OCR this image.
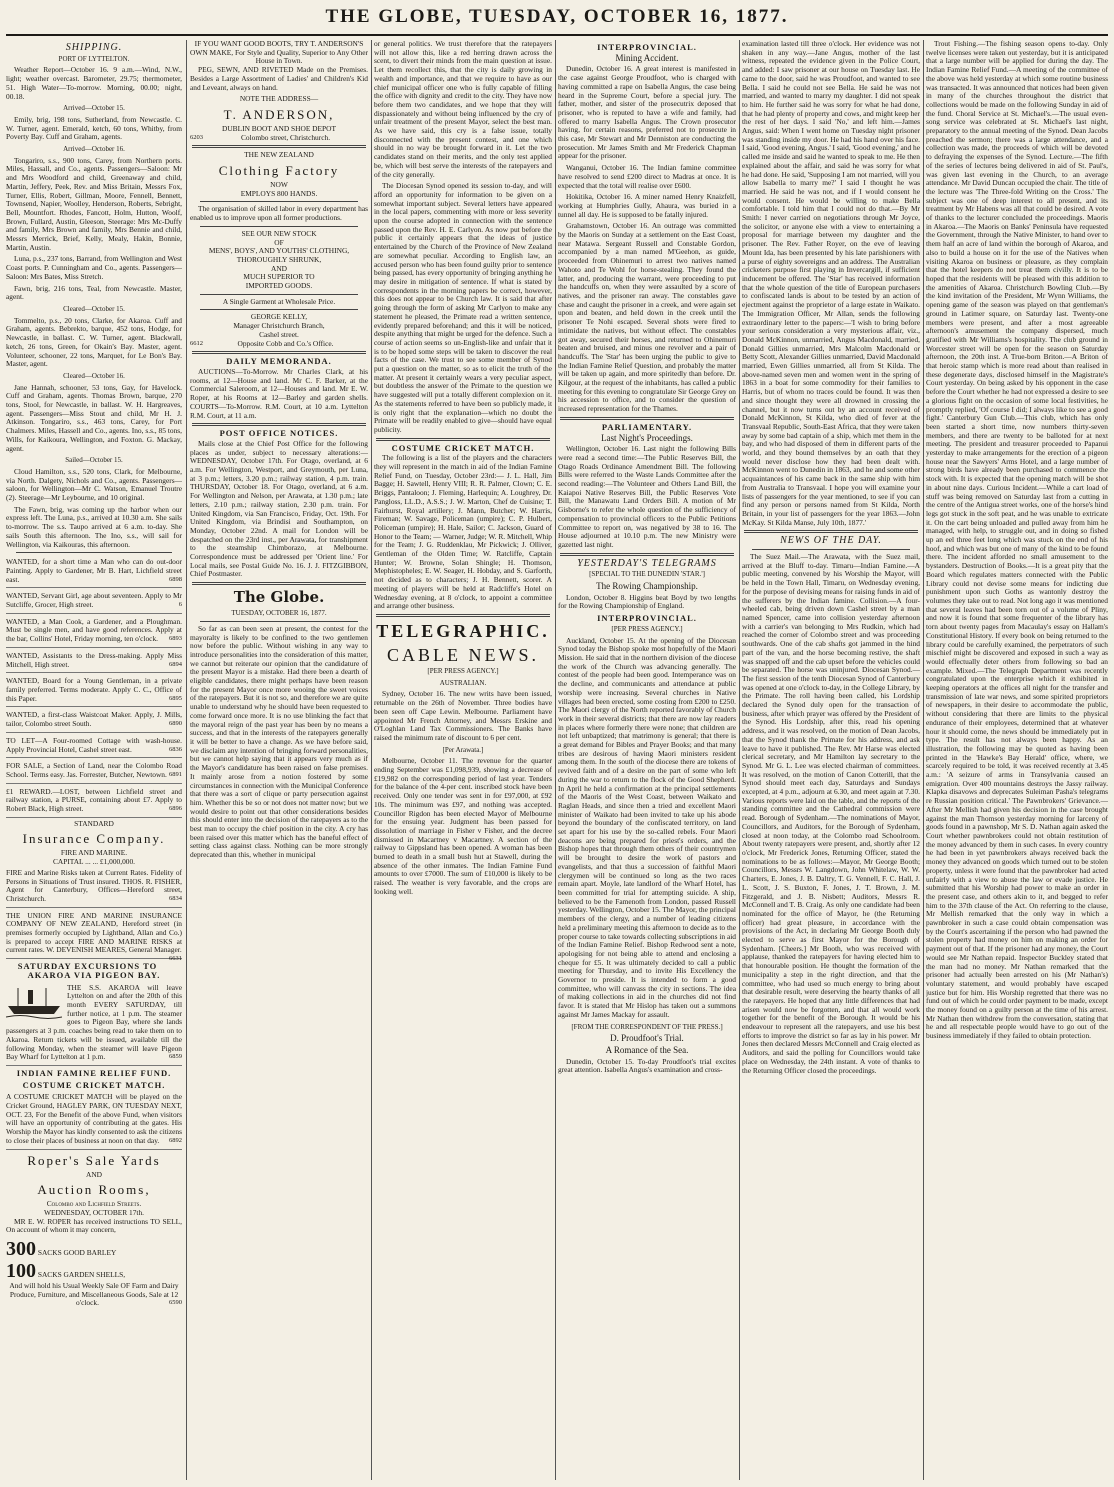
THE GLOBE, TUESDAY, OCTOBER 16, 1877.
SHIPPING.
PORT OF LYTTELTON.

Weather Report—October 16. 9 a.m.—Wind, N.W., light; weather overcast. Barometer, 29.75; thermometer, 51. High Water—To-morrow. Morning, 00.00; night, 00.18.

Arrived—October 15.

Emily, brig, 198 tons, Sutherland, from Newcastle. C. W. Turner, agent. Emerald, ketch, 60 tons, Whitby, from Poverty Bay. Cuff and Graham, agents.

Arrived—October 16.

Tongariro, s.s., 900 tons, Carey, from Northern ports. Miles, Hassall, and Co., agents. Passengers—Saloon: Mr and Mrs Woodford and child, Greenaway and child, Martin, Jeffery, Peek, Rev. and Miss Britain, Messrs Fox, Turner, Ellis, Robert, Gillman, Moore, Fennell, Bennett, Townsend, Napier, Woolley, Henderson, Roberts, Sebright, Bell, Mountfort. Rhodes, Fancott, Holm, Hutton, Woolf, Brown, Fullard, Austin, Gleeson, Steerage: Mrs Mc-Duffy and family, Mrs Brown and family, Mrs Bennie and child, Messrs Merrick, Brief, Kelly, Mealy, Hakin, Bonnie, Martin, Austin.

Luna, p.s., 237 tons, Barrand, from Wellington and West Coast ports. P. Cunningham and Co., agents. Passengers—Saloon: Mrs Bates, Miss Stretch.

Fawn, brig, 216 tons, Teal, from Newcastle. Master, agent.

Cleared—October 15.

Tommelto, p.s., 20 tons, Clarke, for Akaroa. Cuff and Graham, agents. Bebrekto, barque, 452 tons, Hodge, for Newcastle, in ballast. C. W. Turner, agent. Blackwall, ketch, 26 tons, Green, for Okain's Bay. Master, agent. Volunteer, schooner, 22 tons, Marquet, for Le Bon's Bay. Master, agent.

Cleared—October 16.

Jane Hannah, schooner, 53 tons, Gay, for Havelock. Cuff and Graham, agents. Thomas Brown, barque, 270 tons, Stool, for Newcastle, in ballast. W. H. Hargreaves, agent. Passengers—Miss Stout and child, Mr H. J. Atkinson. Tongariro, s.s., 463 tons, Carey, for Port Chalmers. Miles, Hassell and Co., agents. Ino, s.s., 85 tons, Wills, for Kaikoura, Wellington, and Foxton. G. Mackay, agent.

Sailed—October 15.

Cloud Hamilton, s.s., 520 tons, Clark, for Melbourne, via North. Dalgety, Nichols and Co., agents. Passengers—saloon, for Wellington—Mr C. Watson, Emanuel Troutre (2). Steerage—Mr Leybourne, and 10 original.

The Fawn, brig, was coming up the harbor when our express left. The Luna, p.s., arrived at 10.30 a.m. She sails to-morrow. The s.s. Taupo arrived at 6 a.m. to-day. She sails South this afternoon. The Ino, s.s., will sail for Wellington, via Kaikouras, this afternoon.

WANTED, for a short time a Man who can do out-door Painting. Apply to Gardener, Mr B. Hart, Lichfield street east.	6898
WANTED, Servant Girl, age about seventeen. Apply to Mr Sutcliffe, Grocer, High street.	6
WANTED, a Man Cook, a Gardener, and a Ploughman. Must be single men, and have good references. Apply at the bar, Collins' Hotel, Friday morning, ten o'clock. 6893
WANTED, Assistants to the Dress-making. Apply Miss Mitchell, High street.	6894
WANTED, Board for a Young Gentleman, in a private family preferred. Terms moderate. Apply C. C., Office of this Paper.	6895
WANTED, a first-class Waistcoat Maker. Apply, J. Mills, tailor, Colombo street South.	6890
TO LET—A Four-roomed Cottage with wash-house. Apply Provincial Hotel, Cashel street east.	6836
FOR SALE, a Section of Land, near the Colombo Road School. Terms easy. Jas. Forrester, Butcher, Newtown. 6891
£1 REWARD.—LOST, between Lichfield street and railway station, a PURSE, containing about £7. Apply to Robert Black, High street.	6896
STANDARD
Insurance Company.
FIRE AND MARINE.
CAPITAL ... ... £1,000,000.
FIRE and Marine Risks taken at Current Rates. Fidelity of Persons in Situations of Trust insured. THOS. R. FISHER, Agent for Canterbury, Offices—Hereford street, Christchurch.	6834
THE UNION FIRE AND MARINE INSURANCE COMPANY OF NEW ZEALAND, Hereford street (in premises formerly occupied by Lightband, Allan and Co.) is prepared to accept FIRE AND MARINE RISKS at current rates. W. DEVENISH MEARES, General Manager.
6631
SATURDAY EXCURSIONS TO AKAROA VIA PIGEON BAY.
THE S.S. AKAROA will leave Lyttelton on and after the 20th of this month EVERY SATURDAY, till further notice, at 1 p.m. The steamer goes to Pigeon Bay, where she lands passengers at 3 p.m. coaches being read to take them on to Akaroa. Return tickets will be issued, available till the following Monday, when the steamer will leave Pigeon Bay Wharf for Lyttelton at 1 p.m.	6859
INDIAN FAMINE RELIEF FUND.
COSTUME CRICKET MATCH.
A COSTUME CRICKET MATCH will be played on the Cricket Ground, HAGLEY PARK, ON TUESDAY NEXT, OCT. 23, For the Benefit of the above Fund, when visitors will have an opportunity of contributing at the gates. His Worship the Mayor has kindly consented to ask the citizens to close their places of business at noon on that day. 6892
Roper's Sale Yards
AND
Auction Rooms,
Colombo and Lichfield Streets.
WEDNESDAY, OCTOBER 17th.

MR E. W. ROPER has received instructions TO SELL, On account of whom it may concern,

300 SACKS GOOD BARLEY
100 SACKS GARDEN SHELLS,
And will hold his Usual Weekly Sale OF Farm and Dairy Produce, Furniture, and Miscellaneous Goods, Sale at 12 o'clock.	6590
IF YOU WANT GOOD BOOTS, TRY T. ANDERSON'S OWN MAKE, For Style and Quality, Superior to Any Other House in Town.

PEG, SEWN, AND RIVETED Made on the Premises. Besides a Large Assortment of Ladies' and Children's Kid and Leveant, always on hand.

NOTE THE ADDRESS—
T. ANDERSON,
DUBLIN BOOT AND SHOE DEPOT
6203	Colombo street, Christchurch.
THE NEW ZEALAND
Clothing Factory
NOW
EMPLOYS 800 HANDS.

The organisation of skilled labor in every department has enabled us to improve upon all former productions.

SEE OUR NEW STOCK
OF
MENS', BOYS', AND YOUTHS' CLOTHING,
THOROUGHLY SHRUNK,
AND
MUCH SUPERIOR TO
IMPORTED GOODS.
A Single Garment at Wholesale Price.
GEORGE KELLY,
Manager Christchurch Branch,
Cashel street.
6612	Opposite Cobb and Co.'s Office.
DAILY MEMORANDA.

AUCTIONS—To-Morrow. Mr Charles Clark, at his rooms, at 12—House and land. Mr C. F. Barker, at the Commercial Saleroom, at 12—Houses and land. Mr E. W. Roper, at his Rooms at 12—Barley and garden shells. COURTS—To-Morrow. R.M. Court, at 10 a.m. Lyttelton R.M. Court, at 11 a.m.

POST OFFICE NOTICES.

Mails close at the Chief Post Office for the following places as under, subject to necessary alterations:— WEDNESDAY, October 17th. For Otago, overland, at 6 a.m. For Wellington, Westport, and Greymouth, per Luna, at 3 p.m.; letters, 3.20 p.m.; railway station, 4 p.m. train. THURSDAY, October 18. For Otago, overland, at 6 a.m. For Wellington and Nelson, per Arawata, at 1.30 p.m.; late letters, 2.10 p.m.; railway station, 2.30 p.m. train. For United Kingdom, via San Francisco, Friday, Oct. 19th. For United Kingdom, via Brindisi and Southampton, on Monday, October 22nd. A mail for London will be despatched on the 23rd inst., per Arawata, for transhipment to the steamship Chimborazo, at Melbourne. Correspondence must be addressed per 'Orient line.' For Local mails, see Postal Guide No. 16. J. J. FITZGIBBON, Chief Postmaster.

The Globe.
TUESDAY, OCTOBER 16, 1877.

So far as can been seen at present, the contest for the mayoralty is likely to be confined to the two gentlemen now before the public. Without wishing in any way to introduce personalities into the consideration of this matter, we cannot but reiterate our opinion that the candidature of the present Mayor is a mistake. Had there been a dearth of eligible candidates, there might perhaps have been reason for the present Mayor once more wooing the sweet voices of the ratepayers. But it is not so, and therefore we are quite unable to understand why he should have been requested to come forward once more. It is no use blinking the fact that the mayoral reign of the past year has been by no means a success, and that in the interests of the ratepayers generally it will be better to have a change. As we have before said, we disclaim any intention of bringing forward personalities, but we cannot help saying that it appears very much as if the Mayor's candidature has been raised on false premises. It mainly arose from a notion fostered by some circumstances in connection with the Municipal Conference that there was a sort of clique or party persecution against him. Whether this be so or not does not matter now; but we would desire to point out that other considerations besides this should enter into the decision of the ratepayers as to the best man to occupy the chief position in the city. A cry has been raised over this matter which has the baneful effect of setting class against class. Nothing can be more strongly deprecated than this, whether in municipal

or general politics. We trust therefore that the ratepayers will not allow this, like a red herring drawn across the scent, to divert their minds from the main question at issue. Let them recollect this, that the city is daily growing in wealth and importance, and that we require to have as our chief municipal officer one who is fully capable of filling the office with dignity and credit to the city. They have now before them two candidates, and we hope that they will dispassionately and without being influenced by the cry of unfair treatment of the present Mayor, select the best man. As we have said, this cry is a false issue, totally disconnected with the present contest, and one which should in no way be brought forward in it. Let the two candidates stand on their merits, and the only test applied be, which will best serve the interests of the ratepayers and of the city generally.

The Diocesan Synod opened its session to-day, and will afford an opportunity for information to be given on a somewhat important subject. Several letters have appeared in the local papers, commenting with more or less severity upon the course adopted in connection with the sentence passed upon the Rev. H. E. Carlyon. As now put before the public it certainly appears that the ideas of justice entertained by the Church of the Province of New Zealand are somewhat peculiar. According to English law, an accused person who has been found guilty prior to sentence being passed, has every opportunity of bringing anything he may desire in mitigation of sentence. If what is stated by correspondents in the morning papers be correct, however, this does not appear to be Church law. It is said that after going through the form of asking Mr Carlyon to make any statement he pleased, the Primate read a written sentence, evidently prepared beforehand; and this it will be noticed, despite anything that might be urged for the defence. Such a course of action seems so un-English-like and unfair that it is to be hoped some steps will be taken to discover the real facts of the case. We trust to see some member of Synod put a question on the matter, so as to elicit the truth of the matter. At present it certainly wears a very peculiar aspect, but doubtless the answer of the Primate to the question we have suggested will put a totally different complexion on it. As the statements referred to have been so publicly made, it is only right that the explanation—which no doubt the Primate will be readily enabled to give—should have equal publicity.

COSTUME CRICKET MATCH.

The following is a list of the players and the characters they will represent in the match in aid of the Indian Famine Relief Fund, on Tuesday, October 23rd:— J. L. Hall, Jim Bagge; H. Sawtell, Henry VIII; R. R. Palmer, Clown; C. E. Briggs, Pantaloon; J. Fleming, Harlequin; A. Loughrey, Dr. Pangloss, LL.D., A.S.S.; J. W. Marton, Chef de Cuisine; T. Fairhurst, Royal artillery; J. Mann, Butcher; W. Harris, Fireman; W. Savage, Policeman (umpire); C. P. Hulbert, Policeman (umpire); H. Hale, Sailor; C. Jackson, Guard of Honor to the Team; — Warner, Judge; W. R. Mitchell, Whip for the Team; J. G. Ruddenklau, Mr Pickwick; J. Olliver, Gentleman of the Olden Time; W. Ratcliffe, Captain Hunter; W. Browne, Solan Shingle; H. Thomson, Mephistopheles; E. W. Seager, H. Hobday, and S. Garforth, not decided as to characters; J. H. Bennett, scorer. A meeting of players will be held at Radcliffe's Hotel on Wednesday evening, at 8 o'clock, to appoint a committee and arrange other business.

TELEGRAPHIC.
CABLE NEWS.
[PER PRESS AGENCY.]
AUSTRALIAN.

Sydney, October 16. The new writs have been issued, returnable on the 26th of November. Three bodies have been seen off Cape Lewin. Melbourne. Parliament have appointed Mr French Attorney, and Messrs Erskine and O'Loghlan Land Tax Commissioners. The Banks have raised the minimum rate of discount to 6 per cent.

[Per Arawata.]

Melbourne, October 11. The revenue for the quarter ending September was £1,098,939, showing a decrease of £19,982 on the corresponding period of last year. Tenders for the balance of the 4-per cent. inscribed stock have been received. Only one tender was sent in for £97,000, at £92 10s. The minimum was £97, and nothing was accepted. Councillor Rigdon has been elected Mayor of Melbourne for the ensuing year. Judgment has been passed for dissolution of marriage in Fisher v Fisher, and the decree dismissed in Macartney v Macartney. A section of the railway to Gippsland has been opened. A woman has been burned to death in a small bush hut at Stawell, during the absence of the other inmates. The Indian Famine Fund amounts to over £7000. The sum of £10,000 is likely to be raised. The weather is very favorable, and the crops are looking well.

INTERPROVINCIAL.
Mining Accident.

Dunedin, October 16. A great interest is manifested in the case against George Proudfoot, who is charged with having committed a rape on Isabella Angus, the case being heard in the Supreme Court, before a special jury. The father, mother, and sister of the prosecutrix deposed that prisoner, who is reputed to have a wife and family, had offered to marry Isabella Angus. The Crown prosecutor having, for certain reasons, preferred not to prosecute in this case, Mr Stewart and Mr Denniston are conducting the prosecution. Mr James Smith and Mr Frederick Chapman appear for the prisoner.

Wanganui, October 16. The Indian famine committee have resolved to send £200 direct to Madras at once. It is expected that the total will realise over £600.

Hokitika, October 16. A miner named Henry Knaizfell, working at Humphries Gully, Ahaura, was buried in a tunnel all day. He is supposed to be fatally injured.

Grahamstown, October 16. An outrage was committed by the Maoris on Sunday at a settlement on the East Coast, near Matawa. Sergeant Russell and Constable Gordon, accompanied by a man named M'Geehon, as guide, proceeded from Ohinemuri to arrest two natives named Wahoto and Te Wohl for horse-stealing. They found the latter, and, producing the warrant, were proceeding to put the handcuffs on, when they were assaulted by a score of natives, and the prisoner ran away. The constables gave chase and caught the prisoner in a creek, and were again set upon and beaten, and held down in the creek until the prisoner Te Nohi escaped. Several shots were fired to intimidate the natives, but without effect. The constables got away, secured their horses, and returned to Ohinemuri beaten and bruised, and minus one revolver and a pair of handcuffs. The 'Star' has been urging the public to give to the Indian Famine Relief Question, and probably the matter will be taken up again, and more spiritedly than before. Dr. Kilgour, at the request of the inhabitants, has called a public meeting for this evening to congratulate Sir George Grey on his accession to office, and to consider the question of increased representation for the Thames.

PARLIAMENTARY.
Last Night's Proceedings.

Wellington, October 16. Last night the following Bills were read a second time:—The Public Reserves Bill, the Otago Roads Ordinance Amendment Bill. The following Bills were referred to the Waste Lands Committee after the second reading:—The Volunteer and Others Land Bill, the Kaiapoi Native Reserves Bill, the Public Reserves Vote Bill, the Manawatu Land Orders Bill. A motion of Mr Gisborne's to refer the whole question of the sufficiency of compensation to provincial officers to the Public Petitions Committee to report on, was negatived by 38 to 16. The House adjourned at 10.10 p.m. The new Ministry were gazetted last night.

YESTERDAY'S TELEGRAMS
[SPECIAL TO THE DUNEDIN 'STAR.']
The Rowing Championship.

London, October 8. Higgins beat Boyd by two lengths for the Rowing Championship of England.

INTERPROVINCIAL.
[PER PRESS AGENCY.]

Auckland, October 15. At the opening of the Diocesan Synod today the Bishop spoke most hopefully of the Maori Mission. He said that in the northern division of the diocese the work of the Church was advancing generally. The contest of the people had been good. Intemperance was on the decline, and communicants and attendance at public worship were increasing. Several churches in Native villages had been erected, some costing from £200 to £250. The Maori clergy of the North reported favorably of Church work in their several districts; that there are now lay readers in places where formerly there were none; that children are not left unbaptized; that matrimony is general; that there is a great demand for Bibles and Prayer Books; and that many tribes are desirous of having Maori ministers resident among them. In the south of the diocese there are tokens of revived faith and of a desire on the part of some who left during the war to return to the flock of the Good Shepherd. In April he held a confirmation at the principal settlements of the Maoris of the West Coast, between Waikato and Raglan Heads, and since then a tried and excellent Maori minister of Waikato had been invited to take up his abode beyond the boundary of the confiscated territory, on land set apart for his use by the so-called rebels. Four Maori deacons are being prepared for priest's orders, and the Bishop hopes that through them others of their countrymen will be brought to desire the work of pastors and evangelists, and that thus a succession of faithful Maori clergymen will be continued so long as the two races remain apart. Moyle, late landlord of the Wharf Hotel, has been committed for trial for attempting suicide. A ship, believed to be the Famenoth from London, passed Russell yesterday. Wellington, October 15. The Mayor, the principal members of the clergy, and a number of leading citizens held a preliminary meeting this afternoon to decide as to the proper course to take towards collecting subscriptions in aid of the Indian Famine Relief. Bishop Redwood sent a note, apologising for not being able to attend and enclosing a cheque for £5. It was ultimately decided to call a public meeting for Thursday, and to invite His Excellency the Governor to preside. It is intended to form a good committee, who will canvass the city in sections. The idea of making collections in aid in the churches did not find favor. It is stated that Mr Hislop has taken out a summons against Mr James Mackay for assault.

[FROM THE CORRESPONDENT OF THE PRESS.]
D. Proudfoot's Trial.
A Romance of the Sea.

Dunedin, October 15. To-day Proudfoot's trial excites great attention. Isabella Angus's examination and cross-

examination lasted till three o'clock. Her evidence was not shaken in any way.—Jane Angus, mother of the last witness, repeated the evidence given in the Police Court, and added: I saw prisoner at our house on Tuesday last. He came to the door, said he was Proudfoot, and wanted to see Bella. I said he could not see Bella. He said he was not married, and wanted to marry my daughter. I did not speak to him. He further said he was sorry for what he had done, that he had plenty of property and cows, and might keep her the rest of her days. I said 'No,' and left him.—James Angus, said: When I went home on Tuesday night prisoner was standing inside my door. He had his hand over his face. I said, 'Good evening, Angus.' I said, 'Good evening,' and he called me inside and said he wanted to speak to me. He then explained about the affair, and said he was sorry for what he had done. He said, 'Supposing I am not married, will you allow Isabella to marry me?' I said I thought he was married. He said he was not, and if I would consent he would consent. He would be willing to make Bella comfortable. I told him that I could not do that.—By Mr Smith: I never carried on negotiations through Mr Joyce, the solicitor, or anyone else with a view to entertaining a proposal for marriage between my daughter and the prisoner. The Rev. Father Royer, on the eve of leaving Mount Ida, has been presented by his late parishioners with a purse of eighty sovereigns and an address. The Australian cricketers purpose first playing in Invercargill, if sufficient inducement be offered. The 'Star' has received information that the whole question of the title of European purchasers to confiscated lands is about to be tested by an action of ejectment against the proprietor of a large estate in Waikato. The Immigration Officer, Mr Allan, sends the following extraordinary letter to the papers:—'I wish to bring before your serious consideration a very mysterious affair, viz., Donald McKinnon, unmarried, Angus Macdonald, married, Donald Gillies unmarried, Mrs Malcolm Macdonald or Betty Scott, Alexander Gillies unmarried, David Macdonald married, Ewen Gillies unmarried, all from St Kilda. The above-named seven men and women went in the spring of 1863 in a boat for some commodity for their families to Harris, but of whom no traces could be found. It was then and since thought they were all drowned in crossing the channel, but it now turns out by an account received of Donald McKinnon, St Kilda, who died of fever at the Transvaal Republic, South-East Africa, that they were taken away by some bad captain of a ship, which met them in the bay, and who had disposed of them in different parts of the world, and they bound themselves by an oath that they would never disclose how they had been dealt with. McKinnon went to Dunedin in 1863, and he and some other acquaintances of his came back in the same ship with him from Australia to Transvaal. I hope you will examine your lists of passengers for the year mentioned, to see if you can find any person or persons named from St Kilda, North Britain, in your list of passengers for the year 1863.—John McKay. St Kilda Manse, July 10th, 1877.'

NEWS OF THE DAY.

The Suez Mail.—The Arawata, with the Suez mail, arrived at the Bluff to-day. Timaru—Indian Famine.—A public meeting, convened by his Worship the Mayor, will be held in the Town Hall, Timaru, on Wednesday evening, for the purpose of devising means for raising funds in aid of the sufferers by the Indian famine. Collision.—A four-wheeled cab, being driven down Cashel street by a man named Spencer, came into collision yesterday afternoon with a carrier's van belonging to Mrs Rudkin, which had reached the corner of Colombo street and was proceeding southwards. One of the cab shafts got jammed in the hind part of the van, and the horse becoming restive, the shaft was snapped off and the cab upset before the vehicles could be separated. The horse was uninjured. Diocesan Synod.—The first session of the tenth Diocesan Synod of Canterbury was opened at one o'clock to-day, in the College Library, by the Primate. The roll having been called, his Lordship declared the Synod duly open for the transaction of business, after which prayer was offered by the President of the Synod. His Lordship, after this, read his opening address, and it was resolved, on the motion of Dean Jacobs, that the Synod thank the Primate for his address, and ask leave to have it published. The Rev. Mr Harse was elected clerical secretary, and Mr Hamilton lay secretary to the Synod. Mr G. L. Lee was elected chairman of committees. It was resolved, on the motion of Canon Cotterill, that the Synod should meet each day, Saturdays and Sundays excepted, at 4 p.m., adjourn at 6.30, and meet again at 7.30. Various reports were laid on the table, and the reports of the standing committee and the Cathedral commission were read. Borough of Sydenham.—The nominations of Mayor, Councillors, and Auditors, for the Borough of Sydenham, closed at noon today, at the Colombo road Schoolroom. About twenty ratepayers were present, and, shortly after 12 o'clock, Mr Frederick Jones, Returning Officer, stated the nominations to be as follows:—Mayor, Mr George Booth; Councillors, Messrs W. Langdown, John Whitelaw, W. W. Charters, E. Jones, J. B. Daltry, T. G. Vennell, F. C. Hall, J. L. Scott, J. S. Buxton, F. Jones, J. T. Brown, J. M. Fitzgerald, and J. B. Nisbett; Auditors, Messrs R. McConnell and T. B. Craig. As only one candidate had been nominated for the office of Mayor, he (the Returning officer) had great pleasure, in accordance with the provisions of the Act, in declaring Mr George Booth duly elected to serve as first Mayor for the Borough of Sydenham. [Cheers.] Mr Booth, who was received with applause, thanked the ratepayers for having elected him to that honourable position. He thought the formation of the municipality a step in the right direction, and that the committee, who had used so much energy to bring about that desirable result, were deserving the hearty thanks of all the ratepayers. He hoped that any little differences that had arisen would now be forgotten, and that all would work together for the benefit of the Borough. It would be his endeavour to represent all the ratepayers, and use his best efforts to improve the district so far as lay in his power. Mr Jones then declared Messrs McConnell and Craig elected as Auditors, and said the polling for Councillors would take place on Wednesday, the 24th instant. A vote of thanks to the Returning Officer closed the proceedings.

Trout Fishing.—The fishing season opens to-day. Only twelve licenses were taken out yesterday, but it is anticipated that a large number will be applied for during the day. The Indian Famine Relief Fund.—A meeting of the committee of the above was held yesterday at which some routine business was transacted. It was announced that notices had been given in many of the churches throughout the district that collections would be made on the following Sunday in aid of the fund. Choral Service at St. Michael's.—The usual even-song service was celebrated at St. Michael's last night, preparatory to the annual meeting of the Synod. Dean Jacobs preached the sermon; there was a large attendance, and a collection was made, the proceeds of which will be devoted to defraying the expenses of the Synod. Lecture.—The fifth of the series of lectures being delivered in aid of St. Paul's, was given last evening in the Church, to an average attendance. Mr David Duncan occupied the chair. The title of the lecture was 'The Three-fold Writing on the Cross.' The subject was one of deep interest to all present, and its treatment by Mr Habens was all that could be desired. A vote of thanks to the lecturer concluded the proceedings. Maoris in Akaroa.—The Maoris on Banks' Peninsula have requested the Government, through the Native Minister, to hand over to them half an acre of land within the borough of Akaroa, and also to build a house on it for the use of the Natives when visiting Akaroa on business or pleasure, as they complain that the hotel keepers do not treat them civilly. It is to be hoped that the residents will be pleased with this addition to the amenities of Akaroa. Christchurch Bowling Club.—By the kind invitation of the President, Mr Wynn Williams, the opening game of the season was played on that gentleman's ground in Latimer square, on Saturday last. Twenty-one members were present, and after a most agreeable afternoon's amusement the company dispersed, much gratified with Mr Williams's hospitality. The club ground in Worcester street will be open for the season on Saturday afternoon, the 20th inst. A True-born Briton.—A Briton of that heroic stamp which is more read about than realised in these degenerate days, disclosed himself in the Magistrate's Court yesterday. On being asked by his opponent in the case before the Court whether he had not expressed a desire to see a glorious fight on the occasion of some local festivities, he promptly replied, 'Of course I did; I always like to see a good fight.' Canterbury Gun Club.—This club, which has only been started a short time, now numbers thirty-seven members, and there are twenty to be balloted for at next meeting. The president and treasurer proceeded to Papanui yesterday to make arrangements for the erection of a pigeon house near the Sawyers' Arms Hotel, and a large number of strong birds have already been purchased to commence the stock with. It is expected that the opening match will be shot in about nine days. Curious Incident.—While a cart load of stuff was being removed on Saturday last from a cutting in the centre of the Antigua street works, one of the horse's hind legs got stuck in the soft peat, and he was unable to extricate it. On the cart being unloaded and pulled away from him he managed, with help, to struggle out, and in doing so fished up an eel three feet long which was stuck on the end of his hoof, and which was but one of many of the kind to be found there. The incident afforded no small amusement to the bystanders. Destruction of Books.—It is a great pity that the Board which regulates matters connected with the Public Library could not devise some means for indicting due punishment upon such Goths as wantonly destroy the volumes they take out to read. Not long ago it was mentioned that several leaves had been torn out of a volume of Pliny, and now it is found that some frequenter of the library has torn about twenty pages from Macaulay's essay on Hallam's Constitutional History. If every book on being returned to the library could be carefully examined, the perpetrators of such mischief might be discovered and exposed in such a way as would effectually deter others from following so bad an example. Mixed.—The Telegraph Department was recently congratulated upon the enterprise which it exhibited in keeping operators at the offices all night for the transfer and transmission of late war news, and some spirited proprietors of newspapers, in their desire to accommodate the public, without considering that there are limits to the physical endurance of their employees, determined that at whatever hour it should come, the news should be immediately put in type. The result has not always been happy. As an illustration, the following may be quoted as having been printed in the 'Hawke's Bay Herald' office, where, we scarcely required to be told, it was received recently at 3.45 a.m.: 'A seizure of arms in Transylvania caused an emigration. Over 400 mountains destroys the Jassy railway. Klapka disavows and deprecates Suleiman Pasha's telegrams re Russian position critical.' The Pawnbrokers' Grievance.—After Mr Mellish had given his decision in the case brought against the man Thomson yesterday morning for larceny of goods found in a pawnshop, Mr S. D. Nathan again asked the Court whether pawnbrokers could not obtain restitution of the money advanced by them in such cases. In every country he had been in yet pawnbrokers always received back the money they advanced on goods which turned out to be stolen property, unless it were found that the pawnbroker had acted unfairly with a view to abuse the law or evade justice. He submitted that his Worship had power to make an order in the present case, and others akin to it, and begged to refer him to the 37th clause of the Act. On referring to the clause, Mr Mellish remarked that the only way in which a pawnbroker in such a case could obtain compensation was by the Court's ascertaining if the person who had pawned the stolen property had money on him on making an order for payment out of that. If the prisoner had any money, the Court would see Mr Nathan repaid. Inspector Buckley stated that the man had no money. Mr Nathan remarked that the prisoner had actually been arrested on his (Mr Nathan's) voluntary statement, and would probably have escaped justice but for him. His Worship regretted that there was no fund out of which he could order payment to be made, except the money found on a guilty person at the time of his arrest. Mr Nathan then withdrew from the conversation, stating that he and all respectable people would have to go out of the business immediately if they failed to obtain protection.
